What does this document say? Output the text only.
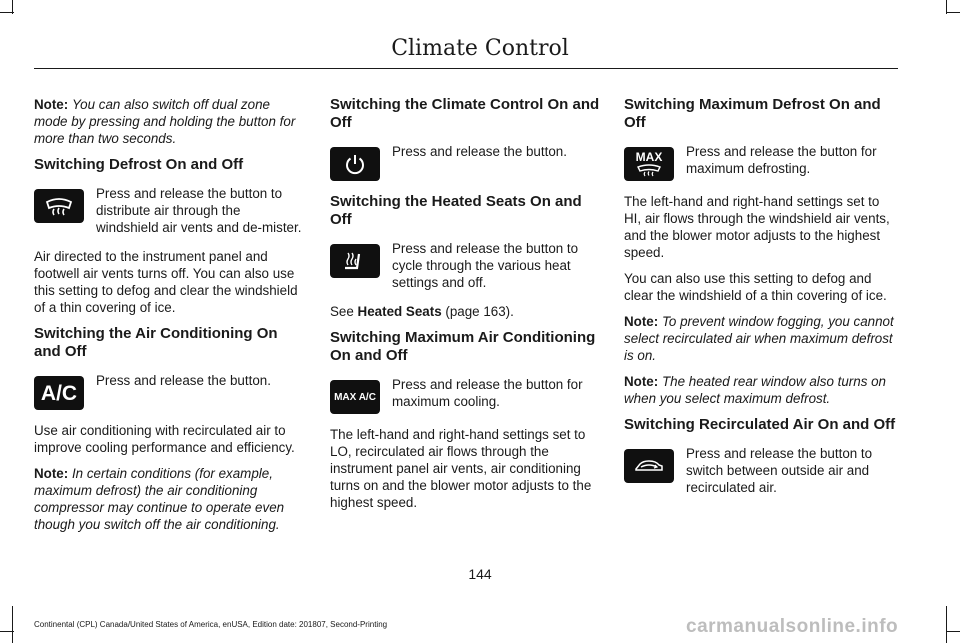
Climate Control

Note: You can also switch off dual zone mode by pressing and holding the button for more than two seconds.

Switching Defrost On and Off
Press and release the button to distribute air through the windshield air vents and de-mister.

Air directed to the instrument panel and footwell air vents turns off. You can also use this setting to defog and clear the windshield of a thin covering of ice.

Switching the Air Conditioning On and Off
A/C
Press and release the button.

Use air conditioning with recirculated air to improve cooling performance and efficiency.

Note: In certain conditions (for example, maximum defrost) the air conditioning compressor may continue to operate even though you switch off the air conditioning.

Switching the Climate Control On and Off
Press and release the button.
Switching the Heated Seats On and Off
Press and release the button to cycle through the various heat settings and off.

See Heated Seats (page 163).

Switching Maximum Air Conditioning On and Off
MAX A/C
Press and release the button for maximum cooling.

The left-hand and right-hand settings set to LO, recirculated air flows through the instrument panel air vents, air conditioning turns on and the blower motor adjusts to the highest speed.

Switching Maximum Defrost On and Off
MAX Press and release the button for maximum defrosting.

The left-hand and right-hand settings set to HI, air flows through the windshield air vents, and the blower motor adjusts to the highest speed.

You can also use this setting to defog and clear the windshield of a thin covering of ice.

Note: To prevent window fogging, you cannot select recirculated air when maximum defrost is on.

Note: The heated rear window also turns on when you select maximum defrost.

Switching Recirculated Air On and Off
Press and release the button to switch between outside air and recirculated air.
144
Continental (CPL) Canada/United States of America, enUSA, Edition date: 201807, Second-Printing	carmanualsonline.info
